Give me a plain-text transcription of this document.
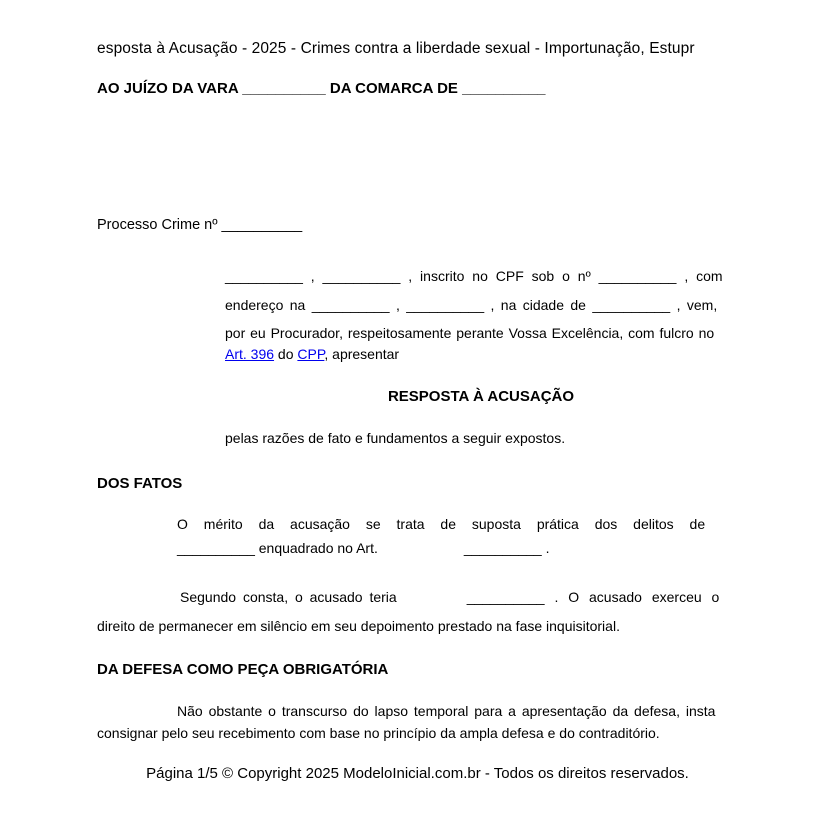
esposta à Acusação - 2025 - Crimes contra a liberdade sexual - Importunação, Estupr
AO JUÍZO DA VARA __________ DA COMARCA DE __________
Processo Crime nº __________
__________ , __________ , inscrito no CPF sob o nº __________ , com
endereço na __________ , __________ , na cidade de __________ , vem,
por eu Procurador, respeitosamente perante Vossa Excelência, com fulcro no
Art. 396 do CPP, apresentar
RESPOSTA À ACUSAÇÃO
pelas razões de fato e fundamentos a seguir expostos.
DOS FATOS
O mérito da acusação se trata de suposta prática dos delitos de
__________ enquadrado no Art.	__________ .
Segundo consta, o acusado teria	__________ . O acusado exerceu o
direito de permanecer em silêncio em seu depoimento prestado na fase inquisitorial.
DA DEFESA COMO PEÇA OBRIGATÓRIA
Não obstante o transcurso do lapso temporal para a apresentação da defesa, insta
consignar pelo seu recebimento com base no princípio da ampla defesa e do contraditório.
Página 1/5 © Copyright 2025 ModeloInicial.com.br - Todos os direitos reservados.
